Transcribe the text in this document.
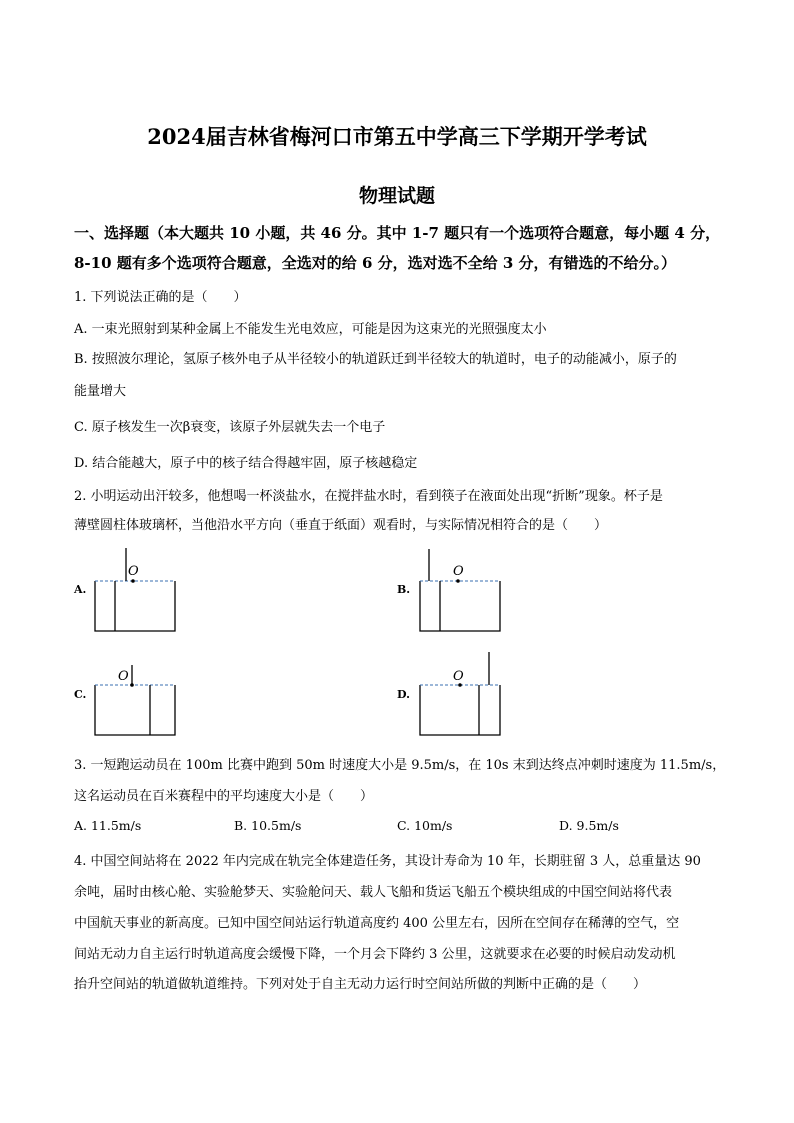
2024届吉林省梅河口市第五中学高三下学期开学考试
物理试题
一、选择题（本大题共 10 小题，共 46 分。其中 1-7 题只有一个选项符合题意，每小题 4 分，
8-10 题有多个选项符合题意，全选对的给 6 分，选对选不全给 3 分，有错选的不给分。）
1. 下列说法正确的是（　　）
A. 一束光照射到某种金属上不能发生光电效应，可能是因为这束光的光照强度太小
B. 按照波尔理论，氢原子核外电子从半径较小的轨道跃迁到半径较大的轨道时，电子的动能减小，原子的
能量增大
C. 原子核发生一次β衰变，该原子外层就失去一个电子
D. 结合能越大，原子中的核子结合得越牢固，原子核越稳定
2. 小明运动出汗较多，他想喝一杯淡盐水，在搅拌盐水时，看到筷子在液面处出现“折断”现象。杯子是
薄壁圆柱体玻璃杯，当他沿水平方向（垂直于纸面）观看时，与实际情况相符合的是（　　）
A.
O
B.
O
C.
O
D.
O
3. 一短跑运动员在 100m 比赛中跑到 50m 时速度大小是 9.5m/s，在 10s 末到达终点冲刺时速度为 11.5m/s，
这名运动员在百米赛程中的平均速度大小是（　　）
A. 11.5m/s	B. 10.5m/s	C. 10m/s	D. 9.5m/s
4. 中国空间站将在 2022 年内完成在轨完全体建造任务，其设计寿命为 10 年，长期驻留 3 人，总重量达 90
余吨，届时由核心舱、实验舱梦天、实验舱问天、载人飞船和货运飞船五个模块组成的中国空间站将代表
中国航天事业的新高度。已知中国空间站运行轨道高度约 400 公里左右，因所在空间存在稀薄的空气，空
间站无动力自主运行时轨道高度会缓慢下降，一个月会下降约 3 公里，这就要求在必要的时候启动发动机
抬升空间站的轨道做轨道维持。下列对处于自主无动力运行时空间站所做的判断中正确的是（　　）
